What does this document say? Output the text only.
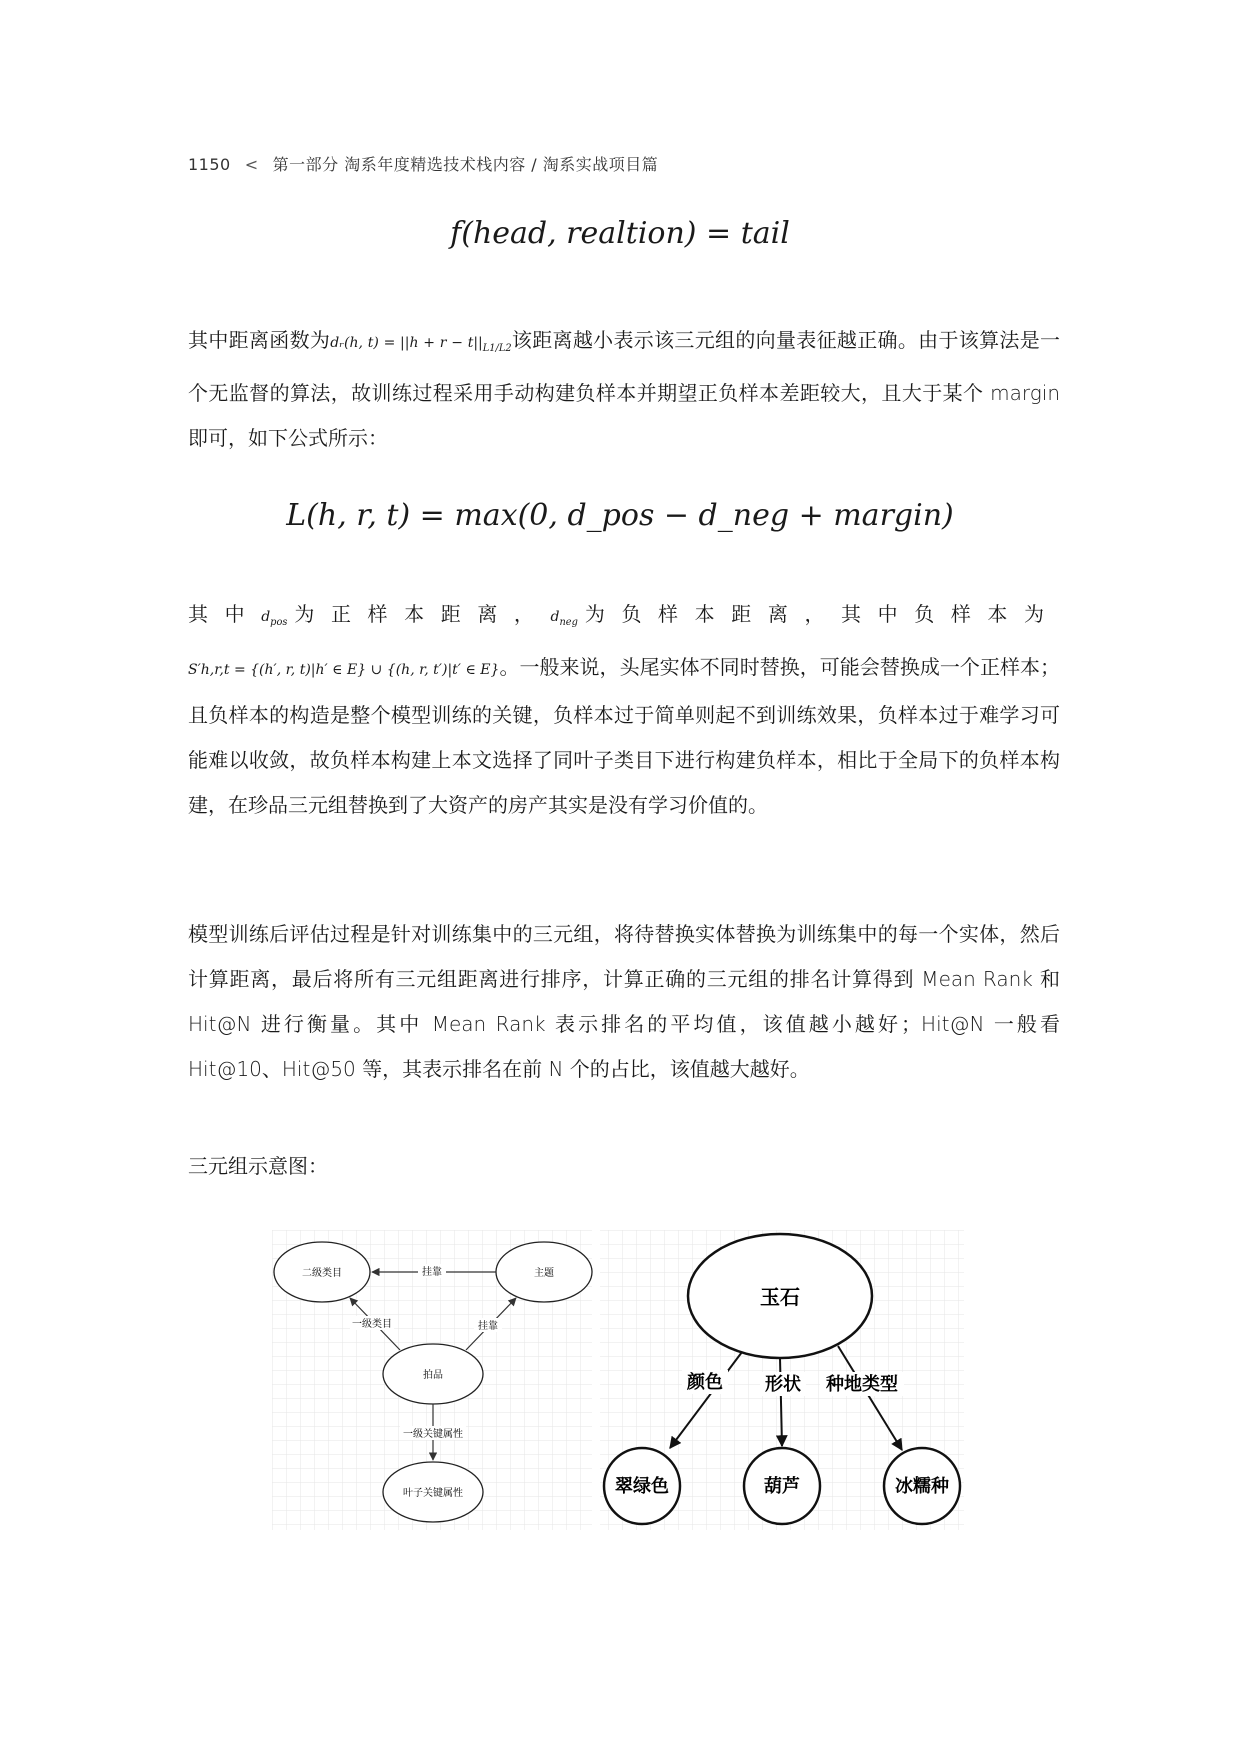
1150 < 第一部分 淘系年度精选技术栈内容 / 淘系实战项目篇
f(head, realtion) = tail
其中距离函数为dᵣ(h, $t) = ||h + r - t||_{L1/L2}$该距离越小表示该三元组的向量表征越正确。由于该算法是一个无监督的算法，故训练过程采用手动构建负样本并期望正负样本差距较大，且大于某个 margin 即可，如下公式所示：
L(h, r, t) = max(0, d_pos − d_neg + margin)
其中$d_{pos}$ 为正样本距离，$d_{neg}$ 为负样本距离，其中负样本为S′h,r,t = {(h′, r, t)|h′ ∈ E} ∪ {(h, r, t′)|t′ ∈ E}。一般来说，头尾实体不同时替换，可能会替换成一个正样本；且负样本的构造是整个模型训练的关键，负样本过于简单则起不到训练效果，负样本过于难学习可能难以收敛，故负样本构建上本文选择了同叶子类目下进行构建负样本，相比于全局下的负样本构建，在珍品三元组替换到了大资产的房产其实是没有学习价值的。
模型训练后评估过程是针对训练集中的三元组，将待替换实体替换为训练集中的每一个实体，然后计算距离，最后将所有三元组距离进行排序，计算正确的三元组的排名计算得到 Mean Rank 和 Hit@N 进行衡量。其中 Mean Rank 表示排名的平均值，该值越小越好；Hit@N 一般看 Hit@10、Hit@50 等，其表示排名在前 N 个的占比，该值越大越好。
三元组示意图：
二级类目	主题
拍品
叶子关键属性
挂靠
一级类目	挂靠
一级关键属性
玉石
翠绿色	葫芦	冰糯种
颜色 形状 种地类型
